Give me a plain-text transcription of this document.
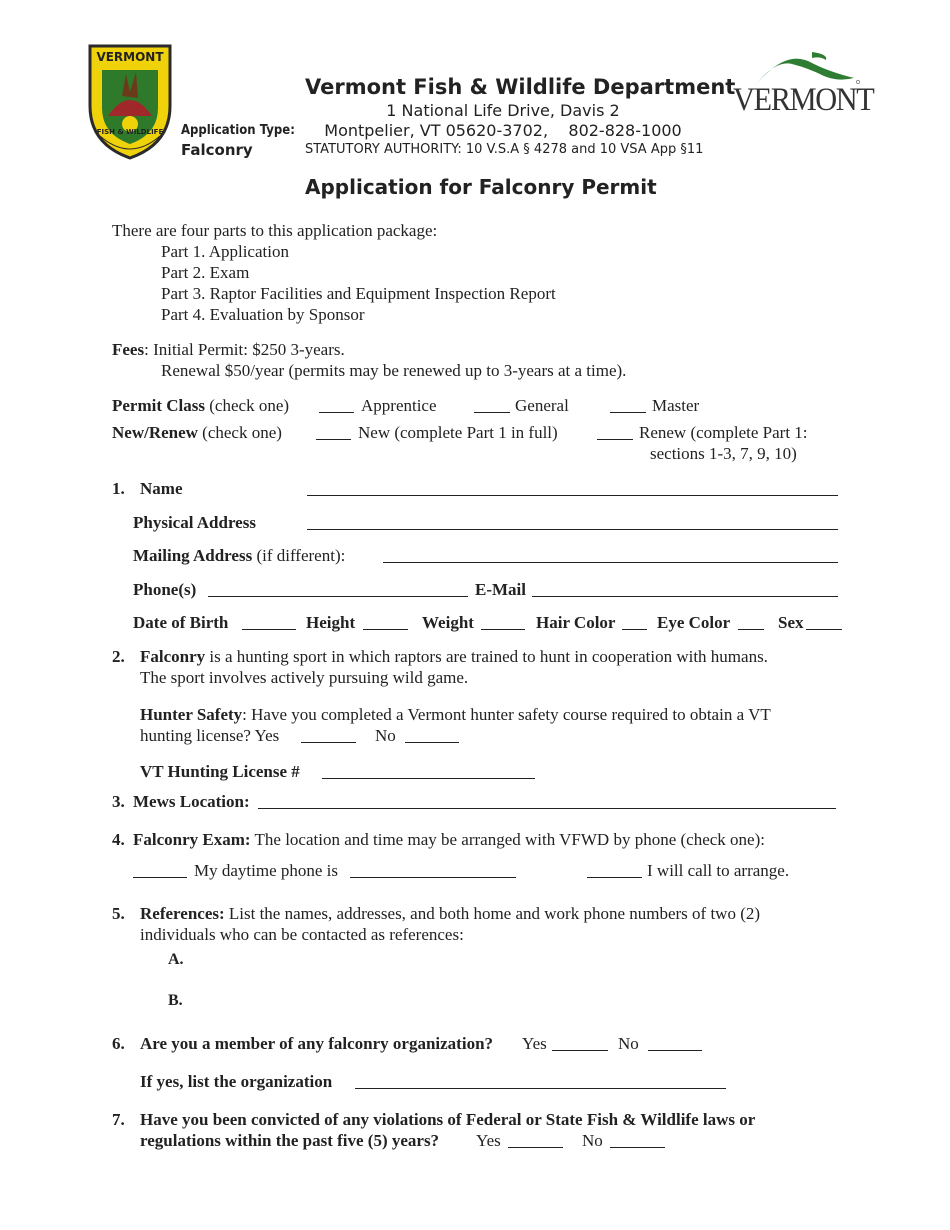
VERMONT
FISH & WILDLIFE	Application Type:
Falconry
Vermont Fish & Wildlife Department
1 National Life Drive, Davis 2
Montpelier, VT 05620-3702,    802-828-1000
STATUTORY AUTHORITY: 10 V.S.A § 4278 and 10 VSA App §11
VERMONT
Application for Falconry Permit
There are four parts to this application package:
Part 1. Application
Part 2. Exam
Part 3. Raptor Facilities and Equipment Inspection Report
Part 4. Evaluation by Sponsor
Fees: Initial Permit: $250 3-years.
Renewal $50/year (permits may be renewed up to 3-years at a time).
Permit Class (check one)	Apprentice	General	Master
New/Renew (check one)	New (complete Part 1 in full)	Renew (complete Part 1:
sections 1-3, 7, 9, 10)
1. Name
Physical Address
Mailing Address (if different):
Phone(s)	E-Mail
Date of Birth	Height	Weight	Hair Color Eye Color	Sex
2. Falconry is a hunting sport in which raptors are trained to hunt in cooperation with humans.
The sport involves actively pursuing wild game.
Hunter Safety: Have you completed a Vermont hunter safety course required to obtain a VT
hunting license? Yes	No
VT Hunting License #
3. Mews Location:
4. Falconry Exam: The location and time may be arranged with VFWD by phone (check one):
My daytime phone is	I will call to arrange.
5. References: List the names, addresses, and both home and work phone numbers of two (2)
individuals who can be contacted as references:
A.
B.
6. Are you a member of any falconry organization? Yes	No
If yes, list the organization
7. Have you been convicted of any violations of Federal or State Fish & Wildlife laws or
regulations within the past five (5) years? Yes	No
